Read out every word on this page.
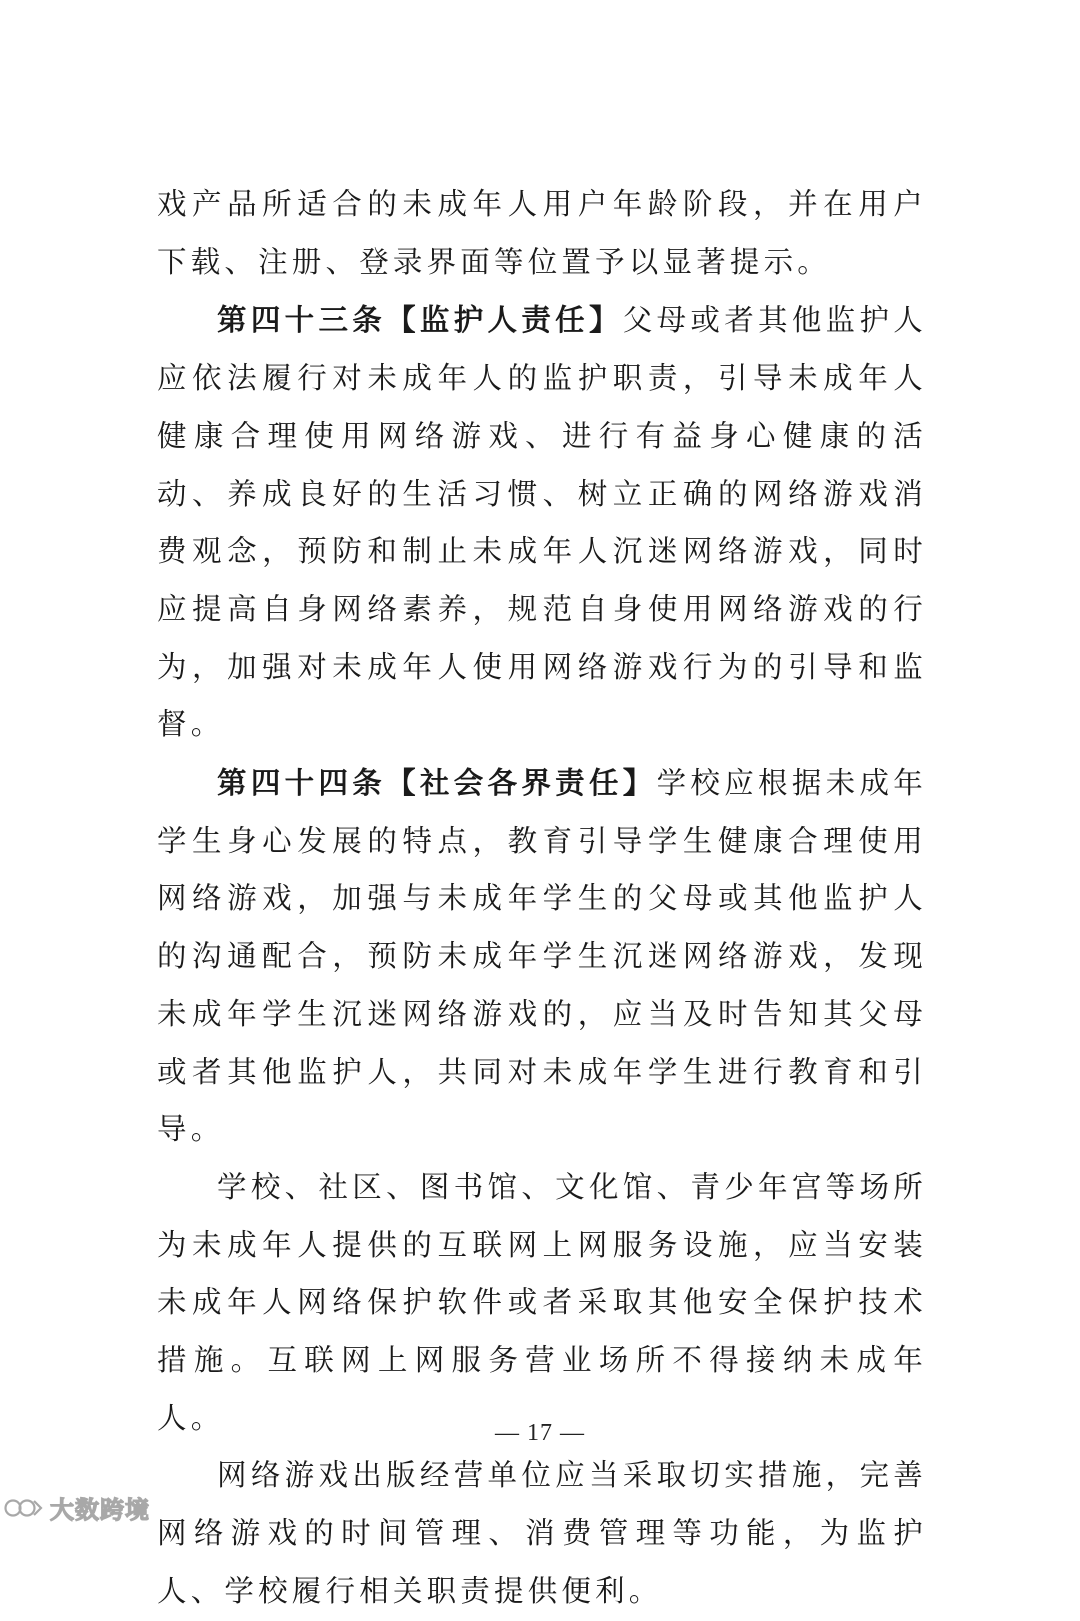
戏产品所适合的未成年人用户年龄阶段，并在用户下载、注册、登录界面等位置予以显著提示。

第四十三条【监护人责任】父母或者其他监护人应依法履行对未成年人的监护职责，引导未成年人健康合理使用网络游戏、进行有益身心健康的活动、养成良好的生活习惯、树立正确的网络游戏消费观念，预防和制止未成年人沉迷网络游戏，同时应提高自身网络素养，规范自身使用网络游戏的行为，加强对未成年人使用网络游戏行为的引导和监督。

第四十四条【社会各界责任】学校应根据未成年学生身心发展的特点，教育引导学生健康合理使用网络游戏，加强与未成年学生的父母或其他监护人的沟通配合，预防未成年学生沉迷网络游戏，发现未成年学生沉迷网络游戏的，应当及时告知其父母或者其他监护人，共同对未成年学生进行教育和引导。

学校、社区、图书馆、文化馆、青少年宫等场所为未成年人提供的互联网上网服务设施，应当安装未成年人网络保护软件或者采取其他安全保护技术措施。互联网上网服务营业场所不得接纳未成年人。

网络游戏出版经营单位应当采取切实措施，完善网络游戏的时间管理、消费管理等功能，为监护人、学校履行相关职责提供便利。

— 17 —
大数跨境
